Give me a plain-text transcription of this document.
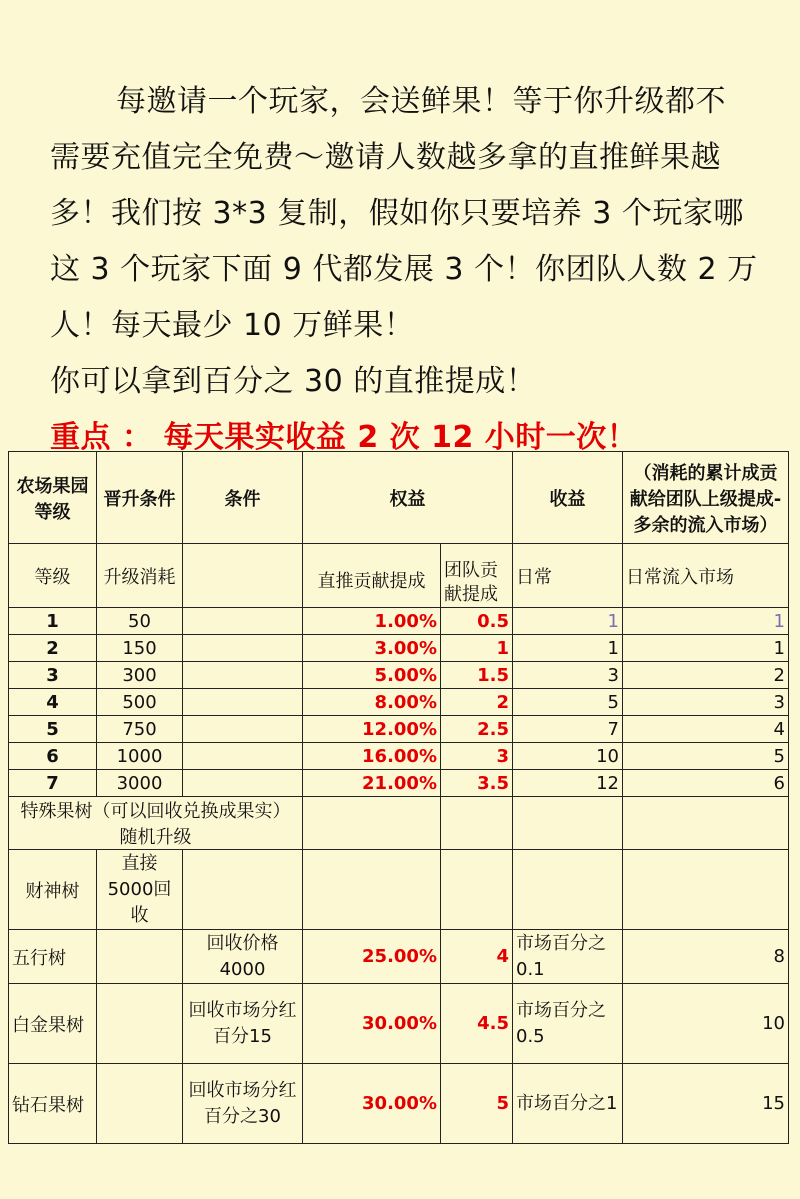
每邀请一个玩家，会送鲜果！等于你升级都不

需要充值完全免费～邀请人数越多拿的直推鲜果越

多！我们按 3*3 复制，假如你只要培养 3 个玩家哪

这 3 个玩家下面 9 代都发展 3 个！你团队人数 2 万

人！每天最少 10 万鲜果！

你可以拿到百分之 30 的直推提成！

重点 ： 每天果实收益 2 次 12 小时一次！

农场果园等级	晋升条件	条件	权益		收益	（消耗的累计成贡献给团队上级提成-多余的流入市场）
等级	升级消耗		直推贡献提成	团队贡献提成	日常	日常流入市场
1	50		1.00%	0.5	1	1
2	150		3.00%	1	1	1
3	300		5.00%	1.5	3	2
4	500		8.00%	2	5	3
5	750		12.00%	2.5	7	4
6	1000		16.00%	3	10	5
7	3000		21.00%	3.5	12	6
特殊果树（可以回收兑换成果实）随机升级						
财神树	直接5000回收					
五行树		回收价格4000	25.00%	4	市场百分之0.1	8
白金果树		回收市场分红百分15	30.00%	4.5	市场百分之0.5	10
钻石果树		回收市场分红百分之30	30.00%	5	市场百分之1	15
